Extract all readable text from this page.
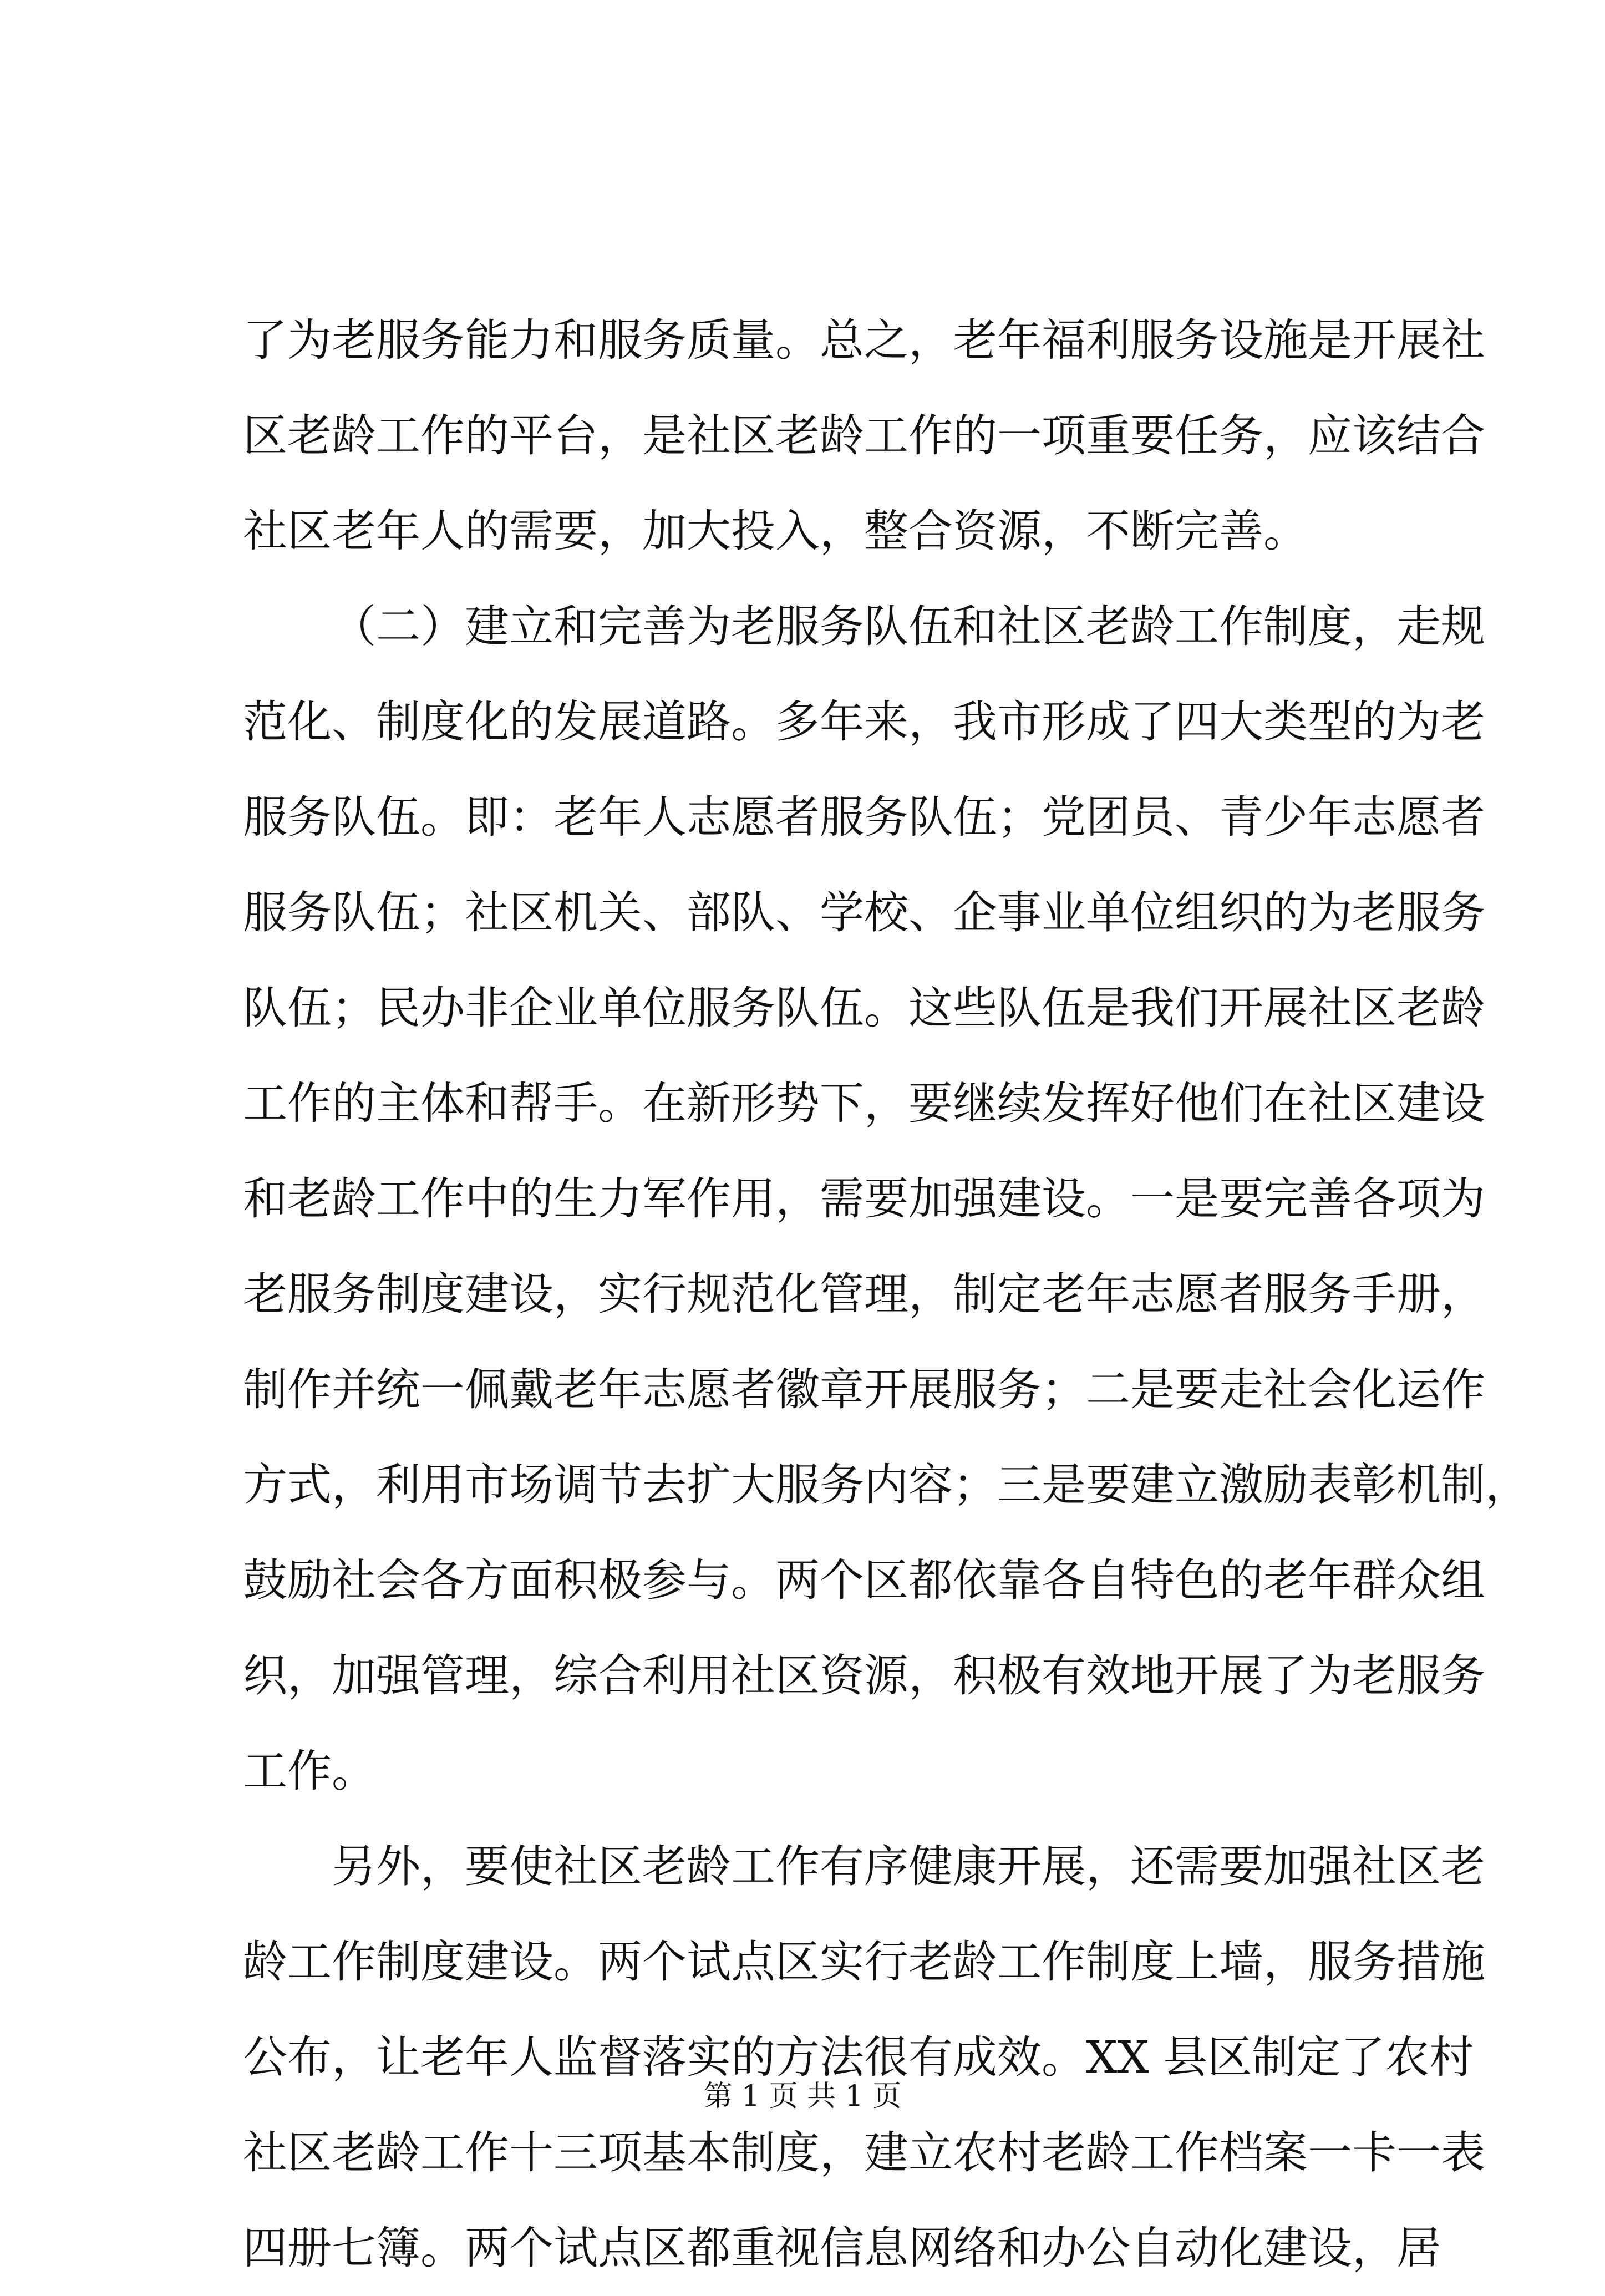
了为老服务能力和服务质量。总之，老年福利服务设施是开展社
区老龄工作的平台，是社区老龄工作的一项重要任务，应该结合
社区老年人的需要，加大投入，整合资源，不断完善。
（二）建立和完善为老服务队伍和社区老龄工作制度，走规
范化、制度化的发展道路。多年来，我市形成了四大类型的为老
服务队伍。即：老年人志愿者服务队伍；党团员、青少年志愿者
服务队伍；社区机关、部队、学校、企事业单位组织的为老服务
队伍；民办非企业单位服务队伍。这些队伍是我们开展社区老龄
工作的主体和帮手。在新形势下，要继续发挥好他们在社区建设
和老龄工作中的生力军作用，需要加强建设。一是要完善各项为
老服务制度建设，实行规范化管理，制定老年志愿者服务手册，
制作并统一佩戴老年志愿者徽章开展服务；二是要走社会化运作
方式，利用市场调节去扩大服务内容；三是要建立激励表彰机制，
鼓励社会各方面积极参与。两个区都依靠各自特色的老年群众组
织，加强管理，综合利用社区资源，积极有效地开展了为老服务
工作。
另外，要使社区老龄工作有序健康开展，还需要加强社区老
龄工作制度建设。两个试点区实行老龄工作制度上墙，服务措施
公布，让老年人监督落实的方法很有成效。XX 县区制定了农村
社区老龄工作十三项基本制度，建立农村老龄工作档案一卡一表
四册七簿。两个试点区都重视信息网络和办公自动化建设，居
第 1 页 共 1 页
